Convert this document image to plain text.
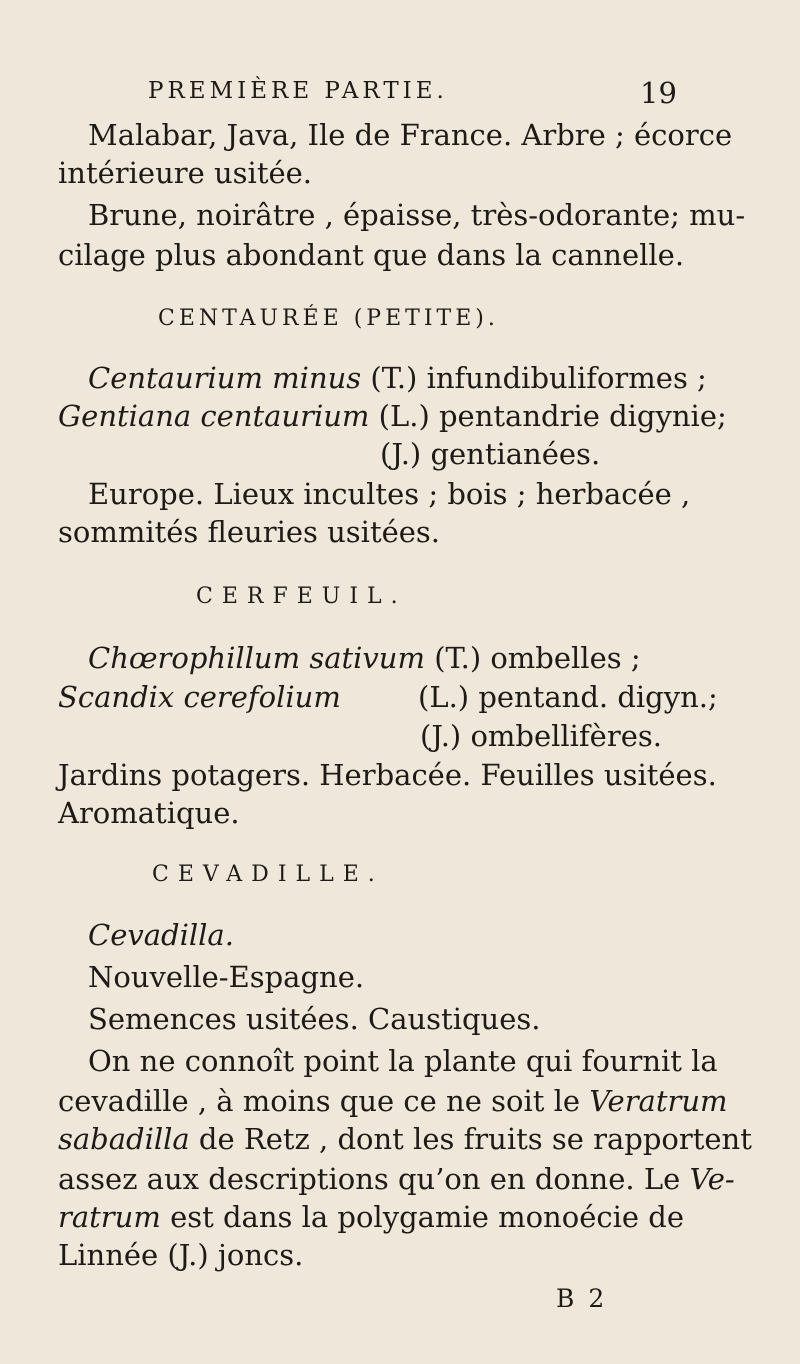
PREMIÈRE PARTIE.	19
Malabar, Java, Ile de France. Arbre ; écorce
intérieure usitée.
Brune, noirâtre , épaisse, très-odorante; mu-
cilage plus abondant que dans la cannelle.
CENTAURÉE (PETITE).
Centaurium minus (T.) infundibuliformes ;
Gentiana centaurium (L.) pentandrie digynie;
(J.) gentianées.
Europe. Lieux incultes ; bois ; herbacée ,
sommités fleuries usitées.
CERFEUIL.
Chœrophillum sativum (T.) ombelles ;
Scandix cerefolium	(L.) pentand. digyn.;
(J.) ombellifères.
Jardins potagers. Herbacée. Feuilles usitées.
Aromatique.
CEVADILLE.
Cevadilla.
Nouvelle-Espagne.
Semences usitées. Caustiques.
On ne connoît point la plante qui fournit la
cevadille , à moins que ce ne soit le Veratrum
sabadilla de Retz , dont les fruits se rapportent
assez aux descriptions qu’on en donne. Le Ve-
ratrum est dans la polygamie monoécie de
Linnée (J.) joncs.
B 2
